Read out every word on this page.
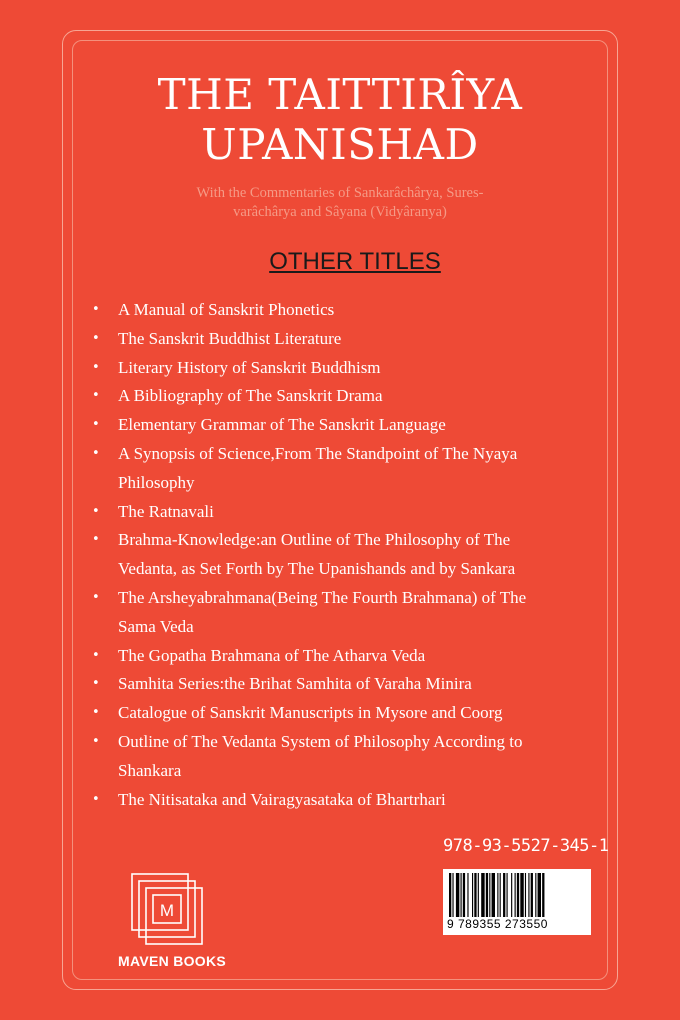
THE TAITTIRÎYA
UPANISHAD
With the Commentaries of Sankarâchârya, Sures-
varâchârya and Sâyana (Vidyâranya)
OTHER TITLES
• A Manual of Sanskrit Phonetics
• The Sanskrit Buddhist Literature
• Literary History of Sanskrit Buddhism
• A Bibliography of The Sanskrit Drama
• Elementary Grammar of The Sanskrit Language
• A Synopsis of Science,From The Standpoint of The Nyaya
Philosophy
• The Ratnavali
• Brahma-Knowledge:an Outline of The Philosophy of The
Vedanta, as Set Forth by The Upanishands and by Sankara
• The Arsheyabrahmana(Being The Fourth Brahmana) of The
Sama Veda
• The Gopatha Brahmana of The Atharva Veda
• Samhita Series:the Brihat Samhita of Varaha Minira
• Catalogue of Sanskrit Manuscripts in Mysore and Coorg
• Outline of The Vedanta System of Philosophy According to
Shankara
• The Nitisataka and Vairagyasataka of Bhartrhari
978-93-5527-345-1
9 789355 273550
M
MAVEN BOOKS
